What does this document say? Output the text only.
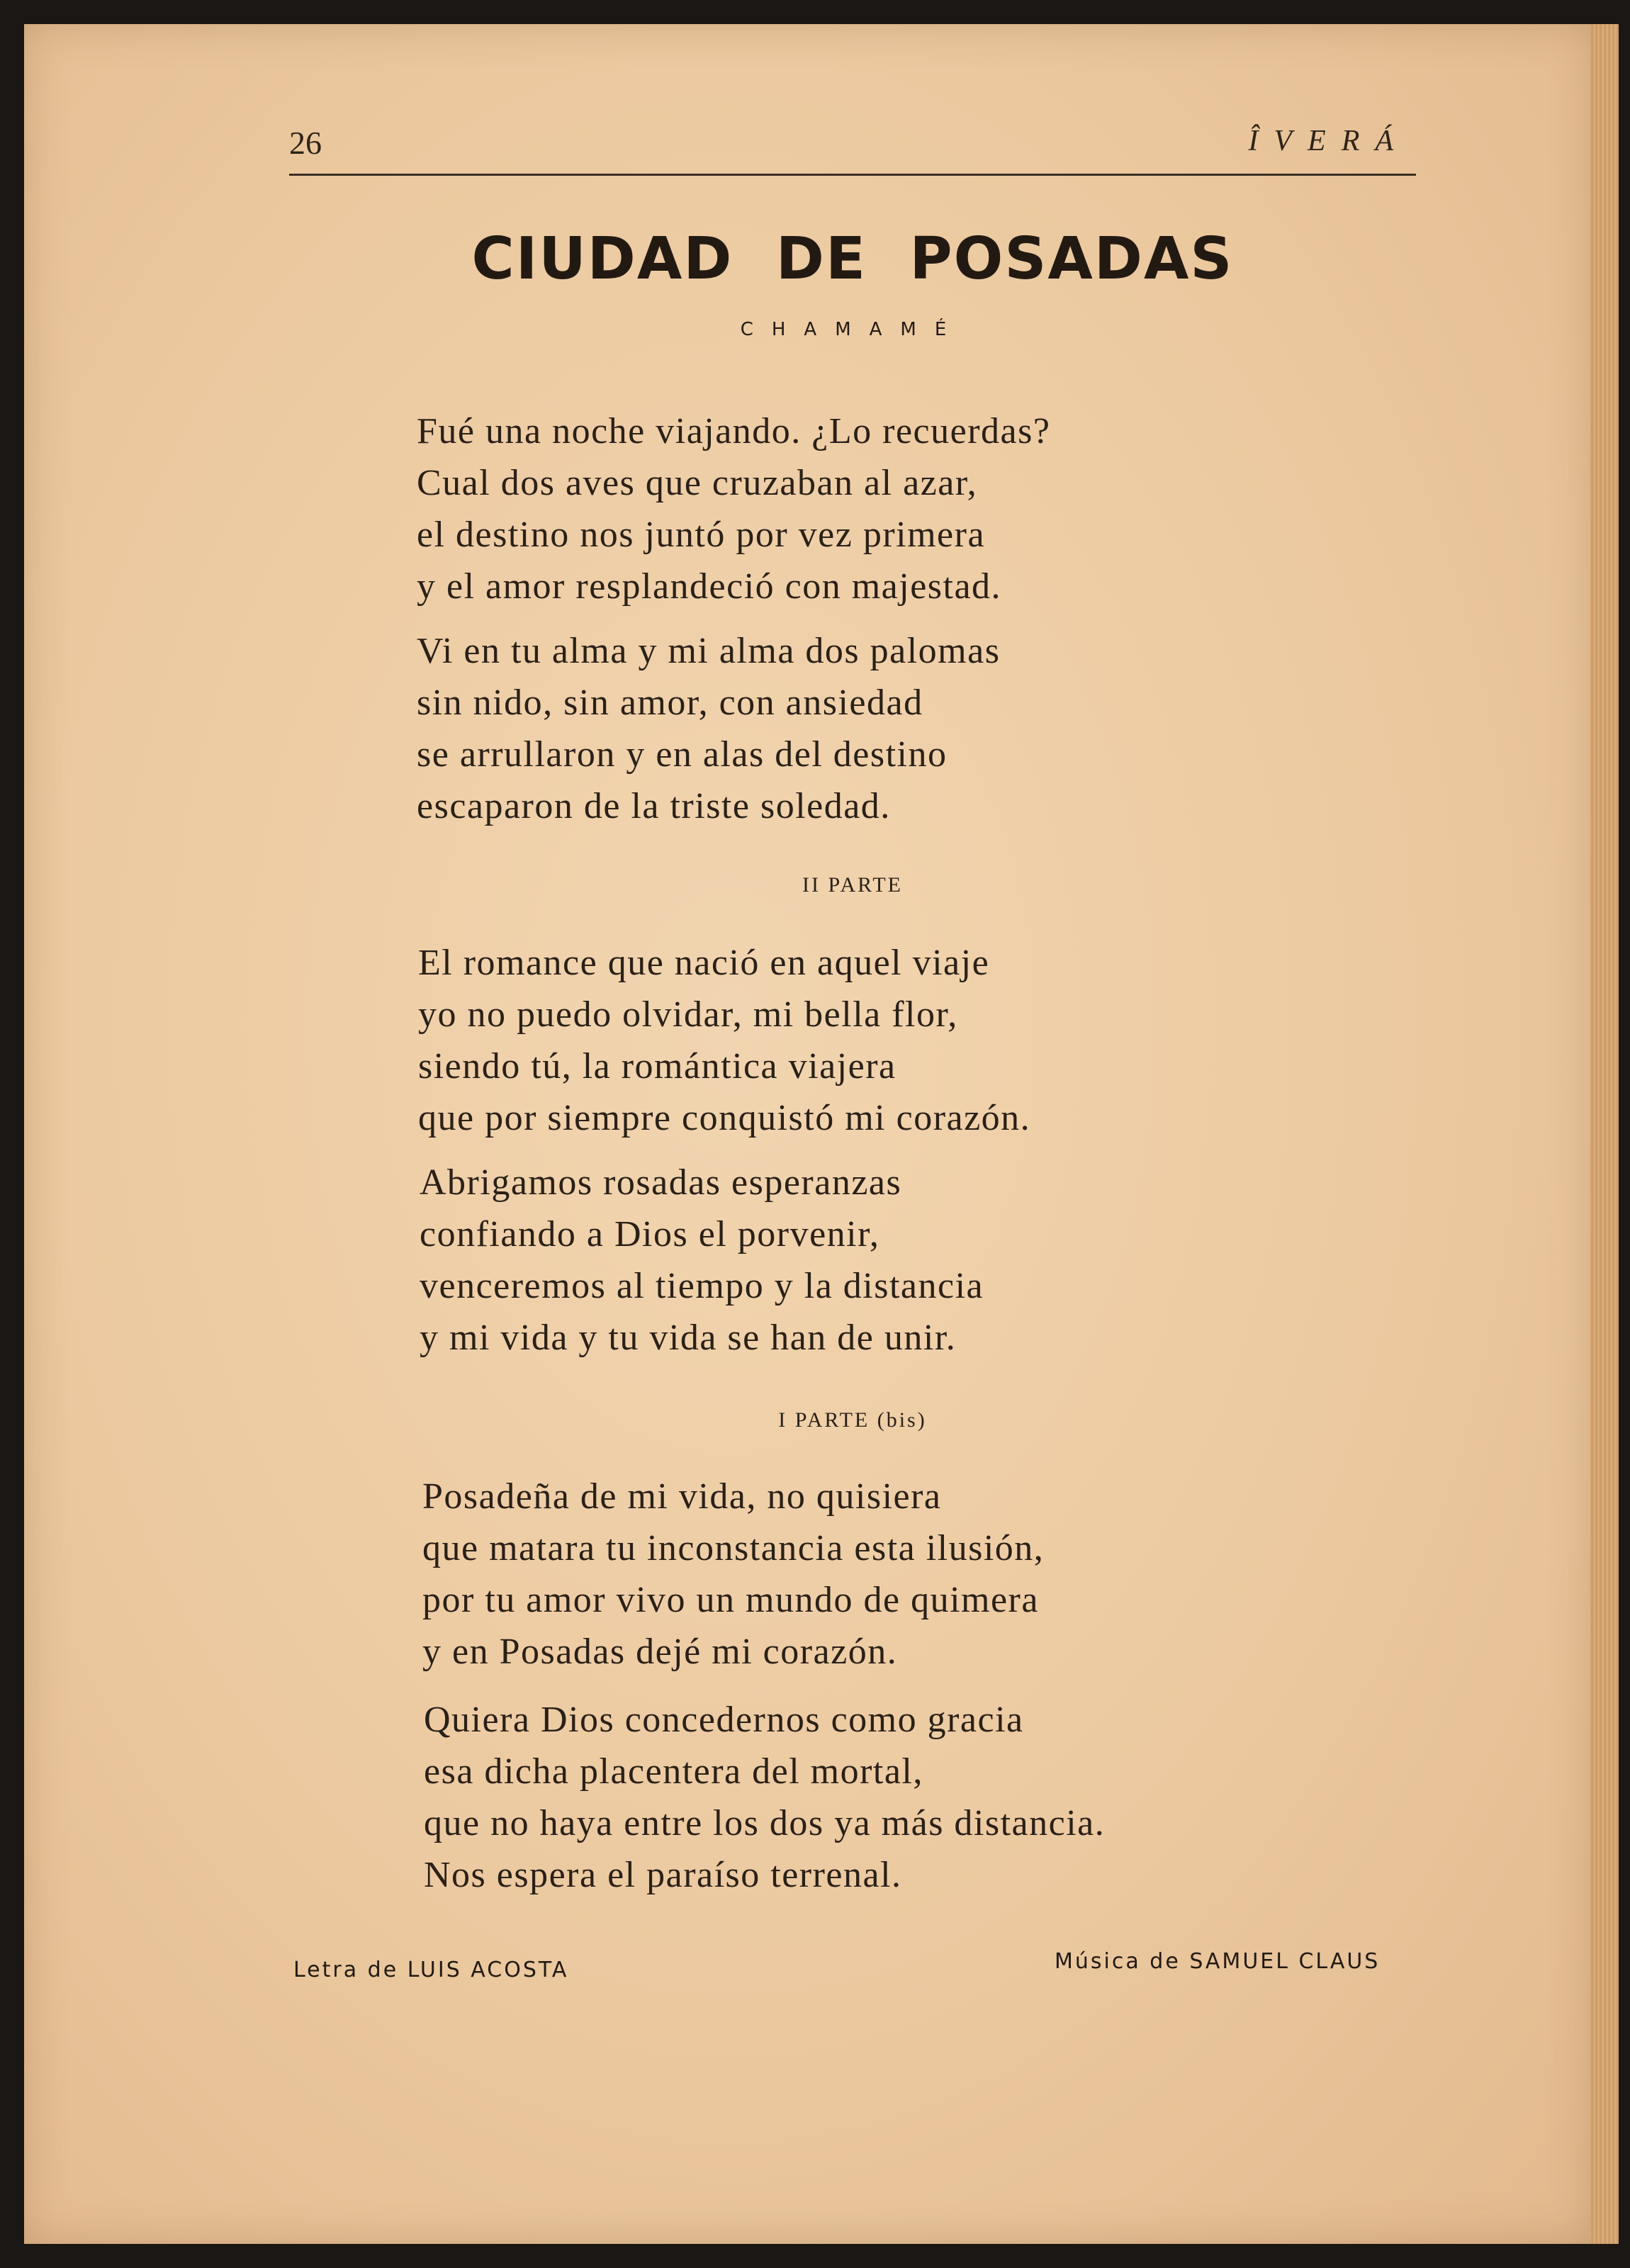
26	ÎVERÁ
CIUDAD DE POSADAS
CHAMAMÉ
Fué una noche viajando. ¿Lo recuerdas?
Cual dos aves que cruzaban al azar,
el destino nos juntó por vez primera
y el amor resplandeció con majestad.
Vi en tu alma y mi alma dos palomas
sin nido, sin amor, con ansiedad
se arrullaron y en alas del destino
escaparon de la triste soledad.
II PARTE
El romance que nació en aquel viaje
yo no puedo olvidar, mi bella flor,
siendo tú, la romántica viajera
que por siempre conquistó mi corazón.
Abrigamos rosadas esperanzas
confiando a Dios el porvenir,
venceremos al tiempo y la distancia
y mi vida y tu vida se han de unir.
I PARTE (bis)
Posadeña de mi vida, no quisiera
que matara tu inconstancia esta ilusión,
por tu amor vivo un mundo de quimera
y en Posadas dejé mi corazón.
Quiera Dios concedernos como gracia
esa dicha placentera del mortal,
que no haya entre los dos ya más distancia.
Nos espera el paraíso terrenal.
Letra de LUIS ACOSTA	Música de SAMUEL CLAUS
